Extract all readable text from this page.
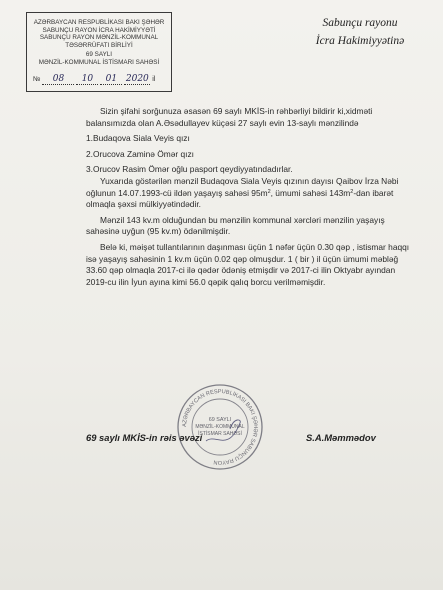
AZƏRBAYCAN RESPUBLİKASI BAKI ŞƏHƏR
SABUNÇU RAYON İCRA HAKİMİYYƏTİ
SABUNÇU RAYON MƏNZİL-KOMMUNAL
TƏSƏRRÜFATI BİRLİYİ
69 SAYLI
MƏNZİL-KOMMUNAL İSTİSMARI SAHƏSİ
№ 08 10 01 2020 il
Sabunçu rayonu
İcra Hakimiyyətinə

Sizin şifahi sorğunuza əsasən 69 saylı MKİS-in rəhbərliyi bildirir ki,xidməti balansımızda olan A.Əsədullayev küçəsi 27 saylı evin 13-saylı mənzilində

1.Budaqova Siala Veyis qızı

2.Orucova Zaminə Ömər qızı

3.Orucov Rasim Ömər oğlu pasport qeydiyyatındadırlar.

Yuxarıda göstərilən mənzil Budaqova Siala Veyis qızının dayısı Qaibov İrza Nəbi oğlunun 14.07.1993-cü ildən yaşayış sahəsi $95m^2$, ümumi sahəsi $143m^2$-dan ibarət olmaqla şəxsi mülkiyyətindədir.

Mənzil 143 kv.m olduğundan bu mənzilin kommunal xərcləri mənzilin yaşayış sahəsinə uyğun (95 kv.m) ödənilmişdir.

Belə ki, məişət tullantılarının daşınması üçün 1 nəfər üçün 0.30 qəp , istismar haqqı isə yaşayış sahəsinin 1 kv.m üçün 0.02 qəp olmuşdur. 1 ( bir ) il üçün ümumi məbləğ 33.60 qəp olmaqla 2017-ci ilə qədər ödəniş etmişdir və 2017-ci ilin Oktyabr ayından 2019-cu ilin İyun ayına kimi 56.0 qəpik qalıq borcu verilməmişdir.

AZƏRBAYCAN RESPUBLİKASI BAKI ŞƏHƏR SABUNÇU RAYON
69 SAYLI
MƏNZİL-KOMMUNAL
İSTİSMAR SAHƏSİ
69 saylı MKİS-in rəis əvəzi	S.A.Məmmədov
